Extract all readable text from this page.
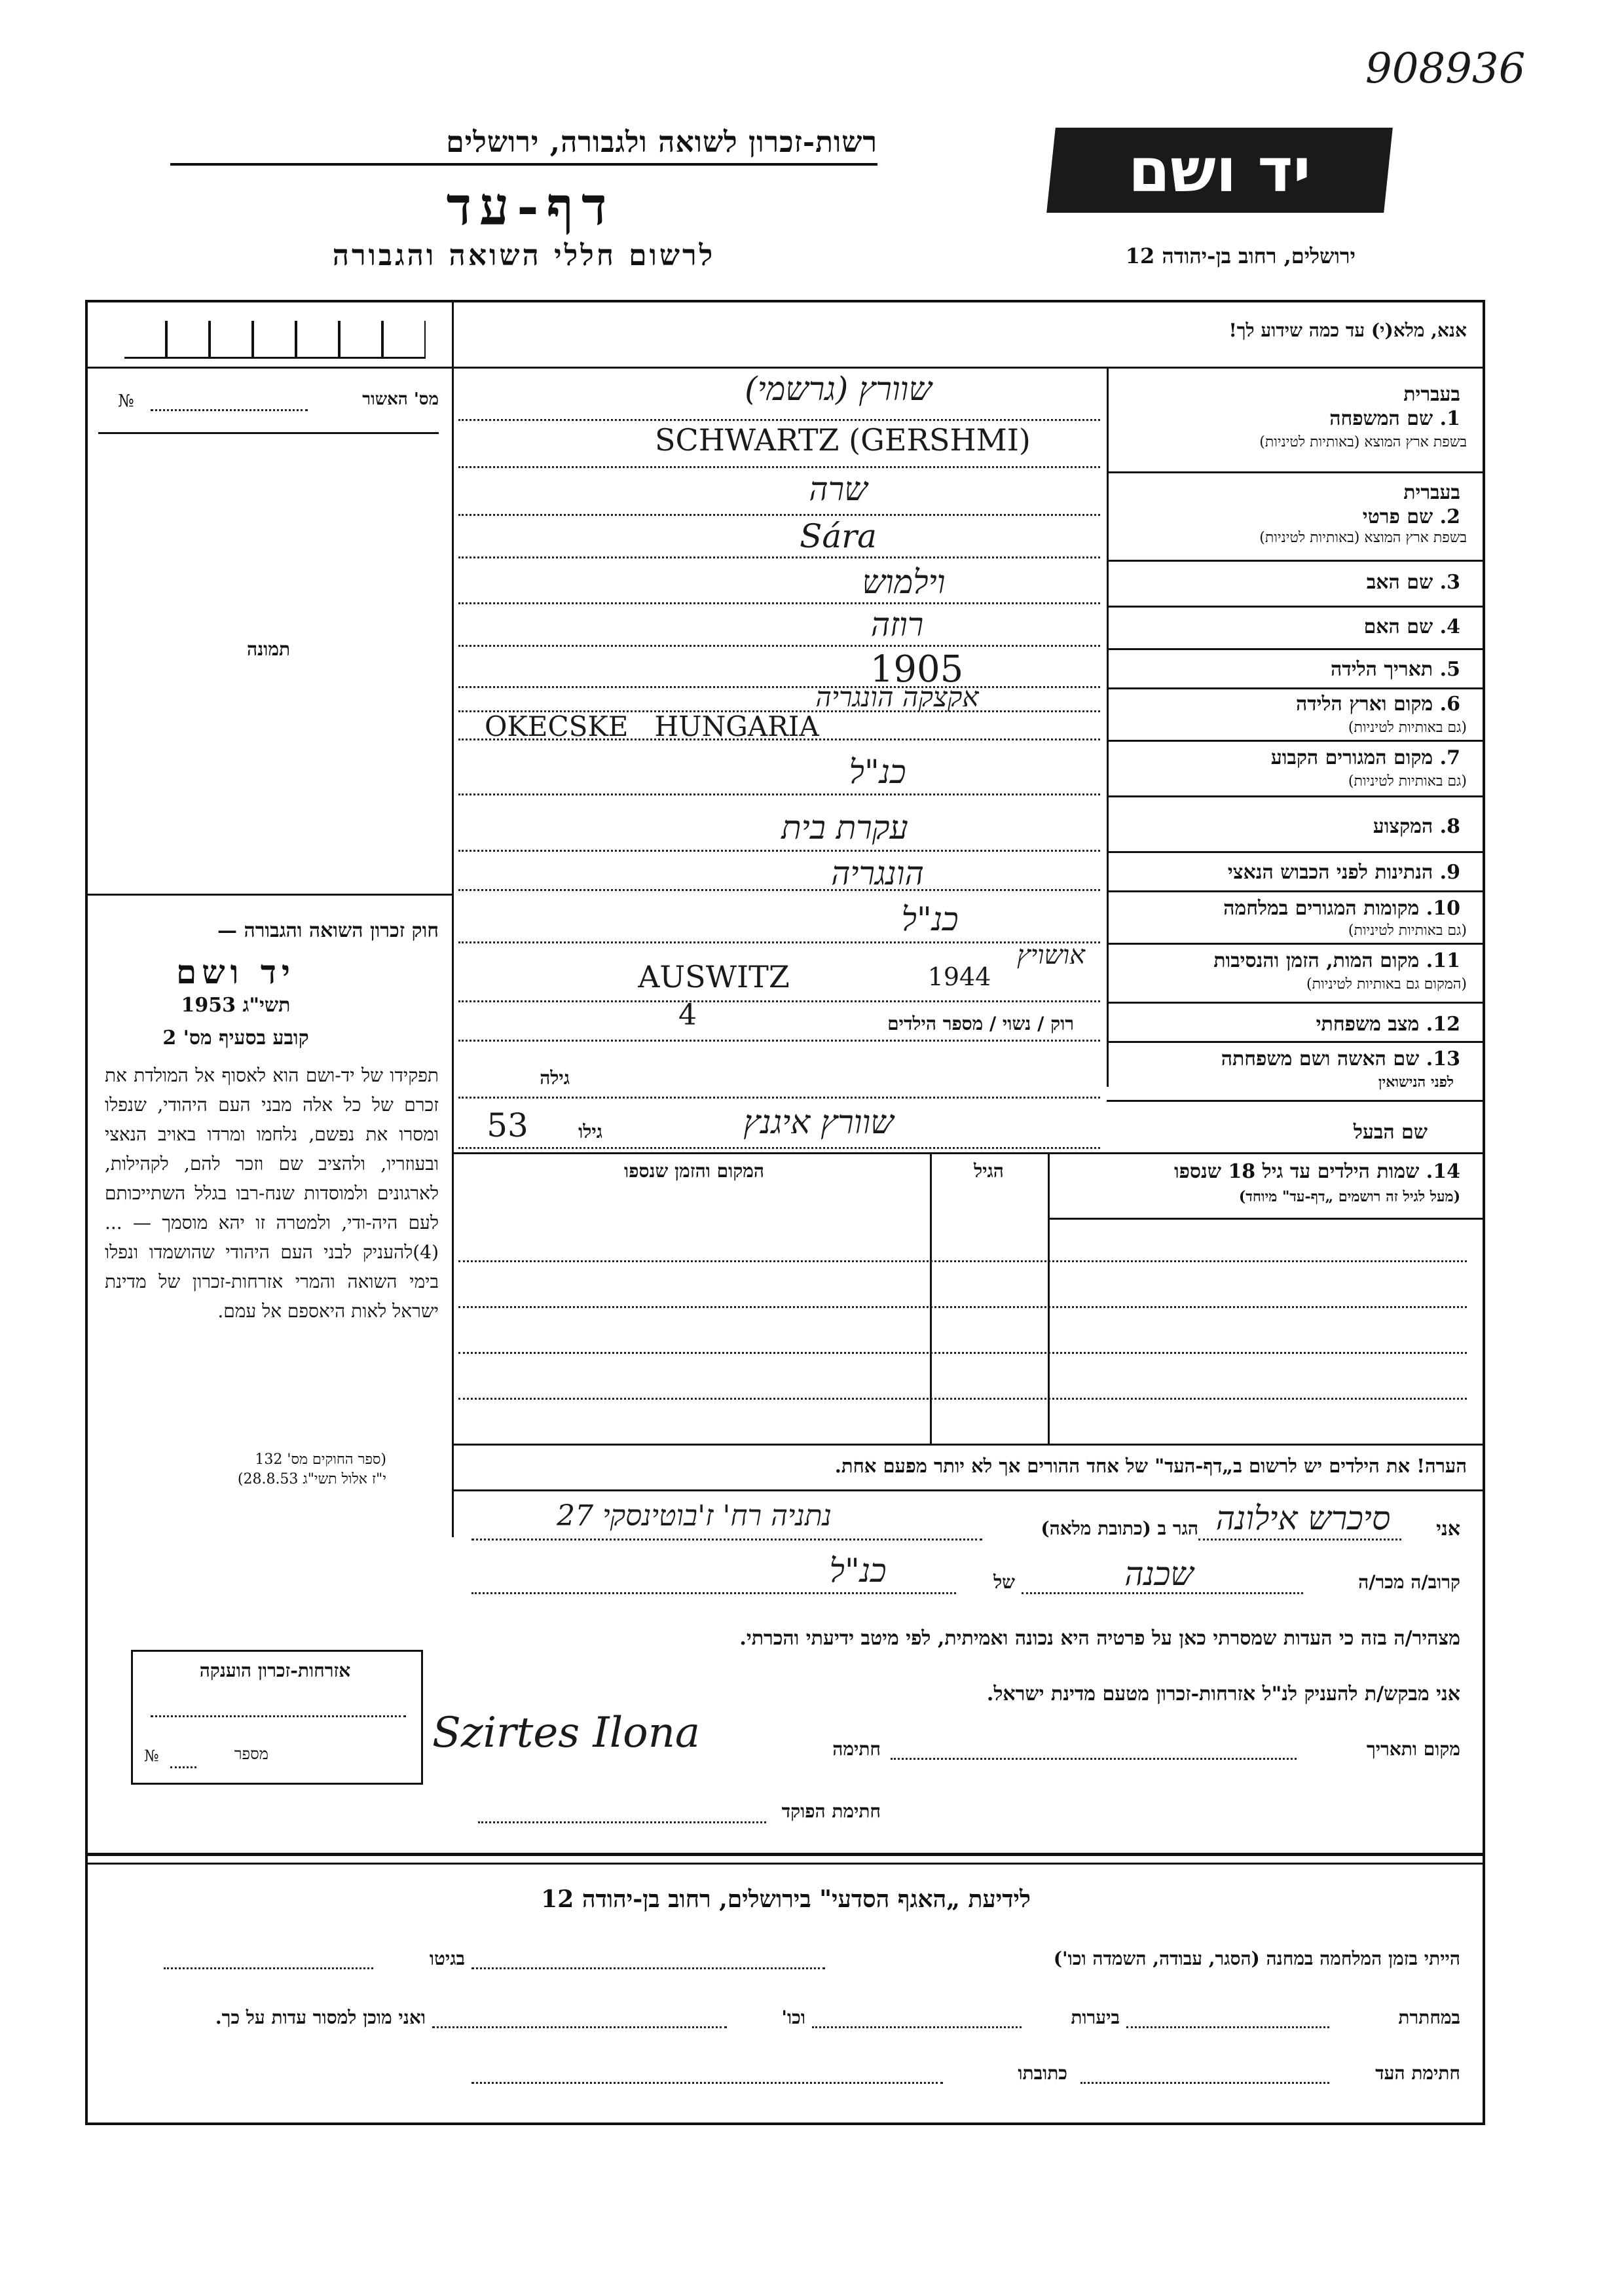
908936
יד ושם
ירושלים, רחוב בן-יהודה 12
רשות-זכרון לשואה ולגבורה, ירושלים
דף-עד
לרשום חללי השואה והגבורה
אנא, מלא(י) עד כמה שידוע לך!
מס' האשור
№
תמונה
חוק זכרון השואה והגבורה —
יד ושם
תשי"ג 1953
קובע בסעיף מס' 2
תפקידו של יד-ושם הוא לאסוף אל המולדת את זכרם של כל אלה מבני העם היהודי, שנפלו ומסרו את נפשם, נלחמו ומרדו באויב הנאצי ובעוזריו, ולהציב שם וזכר להם, לקהילות, לארגונים ולמוסדות שנח-רבו בגלל השתייכותם לעם היה-ודי, ולמטרה זו יהא מוסמך — ...(4)להעניק לבני העם היהודי שהושמדו ונפלו בימי השואה והמרי אזרחות-זכרון של מדינת ישראל לאות היאספם אל עמם.
(ספר החוקים מס' 132
י"ז אלול תשי"ג 28.8.53)
בעברית
1. שם המשפחה
בשפת ארץ המוצא (באותיות לטיניות)
שוורץ (גרשמי)
SCHWARTZ (GERSHMI)
בעברית
2. שם פרטי
בשפת ארץ המוצא (באותיות לטיניות)
שרה
Sára
3. שם האב
וילמוש
4. שם האם
רוזה
5. תאריך הלידה
1905
6. מקום וארץ הלידה
(גם באותיות לטיניות)
אקצקה הונגריה
OKECSKE   HUNGARIA
7. מקום המגורים הקבוע
(גם באותיות לטיניות)
כנ"ל
8. המקצוע
עקרת בית
9. הנתינות לפני הכבוש הנאצי
הונגריה
10. מקומות המגורים במלחמה
(גם באותיות לטיניות)
כנ"ל
11. מקום המות, הזמן והנסיבות
(המקום גם באותיות לטיניות)
אושויץ
1944
AUSWITZ
12. מצב משפחתי
רוק / נשוי / מספר הילדים
4
13. שם האשה ושם משפחתה
לפני הנישואין
גילה
שם הבעל
שוורץ איגנץ
גילו
53
14. שמות הילדים עד גיל 18 שנספו
(מעל לגיל זה רושמים „דף-עד" מיוחד)
הגיל
המקום והזמן שנספו
הערה! את הילדים יש לרשום ב„דף-העד" של אחד ההורים אך לא יותר מפעם אחת.
אני
סיכרש אילונה
הגר ב (כתובת מלאה)
נתניה רח' ז'בוטינסקי 27
קרוב/ה מכר/ה
שכנה
של
כנ"ל
מצהיר/ה בזה כי העדות שמסרתי כאן על פרטיה היא נכונה ואמיתית, לפי מיטב ידיעתי והכרתי.
אני מבקש/ת להעניק לנ"ל אזרחות-זכרון מטעם מדינת ישראל.
מקום ותאריך
חתימה
Szirtes Ilona
חתימת הפוקד
אזרחות-זכרון הוענקה
מספר
№
לידיעת „האגף הסדעי" בירושלים, רחוב בן-יהודה 12
הייתי בזמן המלחמה במחנה (הסגר, עבודה, השמדה וכו')
בגיטו
במחתרת
ביערות
וכו'
ואני מוכן למסור עדות על כך.
חתימת העד
כתובתו
